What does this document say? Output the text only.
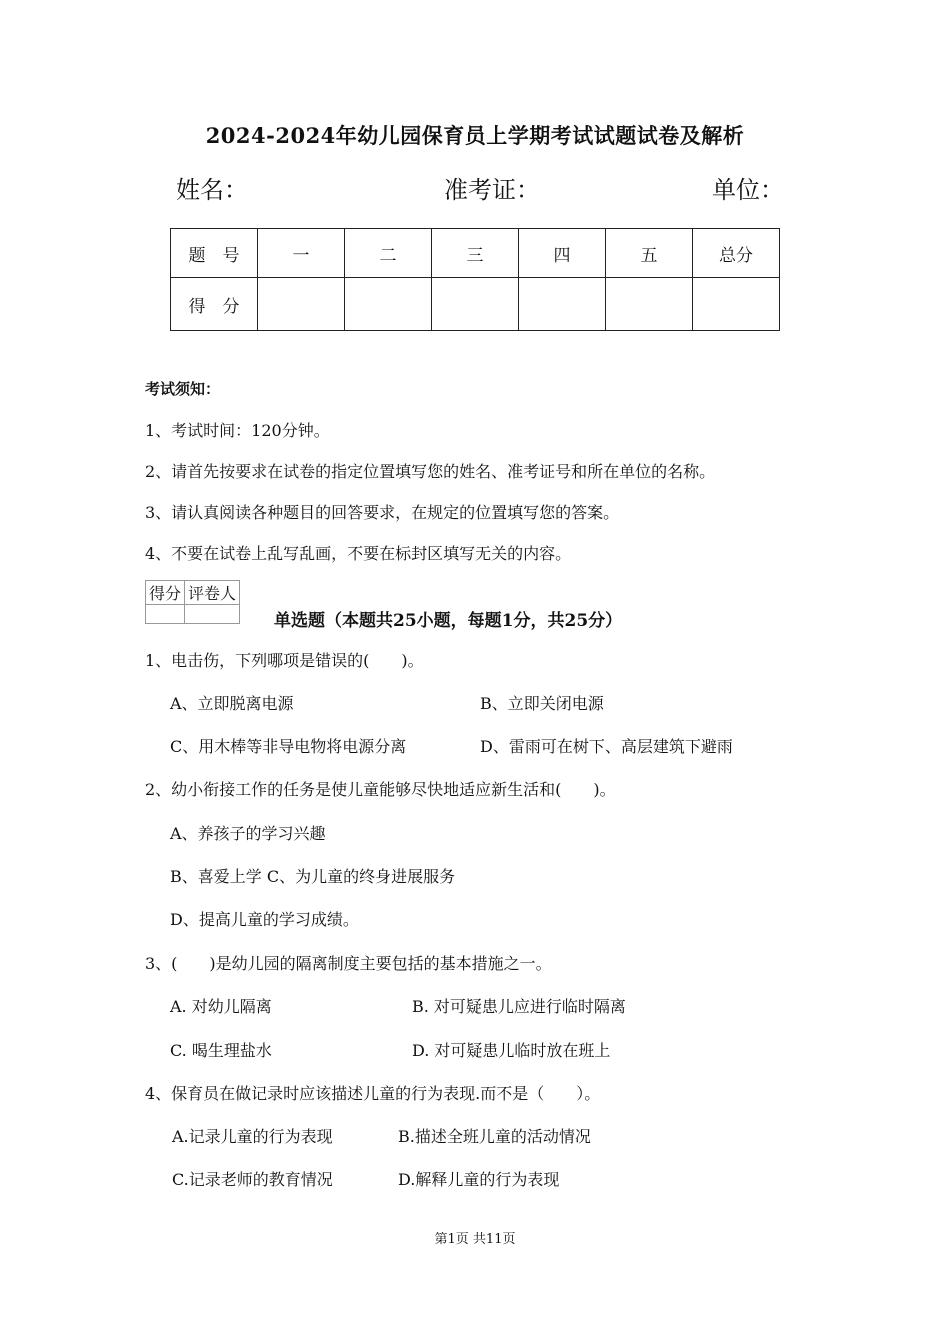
2024-2024年幼儿园保育员上学期考试试题试卷及解析
姓名：	准考证：	单位：
题　号	一	二	三	四	五	总分
得　分						
考试须知：
1、考试时间：120分钟。
2、请首先按要求在试卷的指定位置填写您的姓名、准考证号和所在单位的名称。
3、请认真阅读各种题目的回答要求，在规定的位置填写您的答案。
4、不要在试卷上乱写乱画，不要在标封区填写无关的内容。
得分	评卷人

单选题（本题共25小题，每题1分，共25分）
1、电击伤，下列哪项是错误的(　　)。
A、立即脱离电源	B、立即关闭电源
C、用木棒等非导电物将电源分离	D、雷雨可在树下、高层建筑下避雨
2、幼小衔接工作的任务是使儿童能够尽快地适应新生活和(　　)。
A、养孩子的学习兴趣
B、喜爱上学 C、为儿童的终身进展服务
D、提高儿童的学习成绩。
3、(　　)是幼儿园的隔离制度主要包括的基本措施之一。
A. 对幼儿隔离	B. 对可疑患儿应进行临时隔离
C. 喝生理盐水	D. 对可疑患儿临时放在班上
4、保育员在做记录时应该描述儿童的行为表现.而不是（　　）。
A.记录儿童的行为表现	B.描述全班儿童的活动情况
C.记录老师的教育情况	D.解释儿童的行为表现
第1页 共11页
